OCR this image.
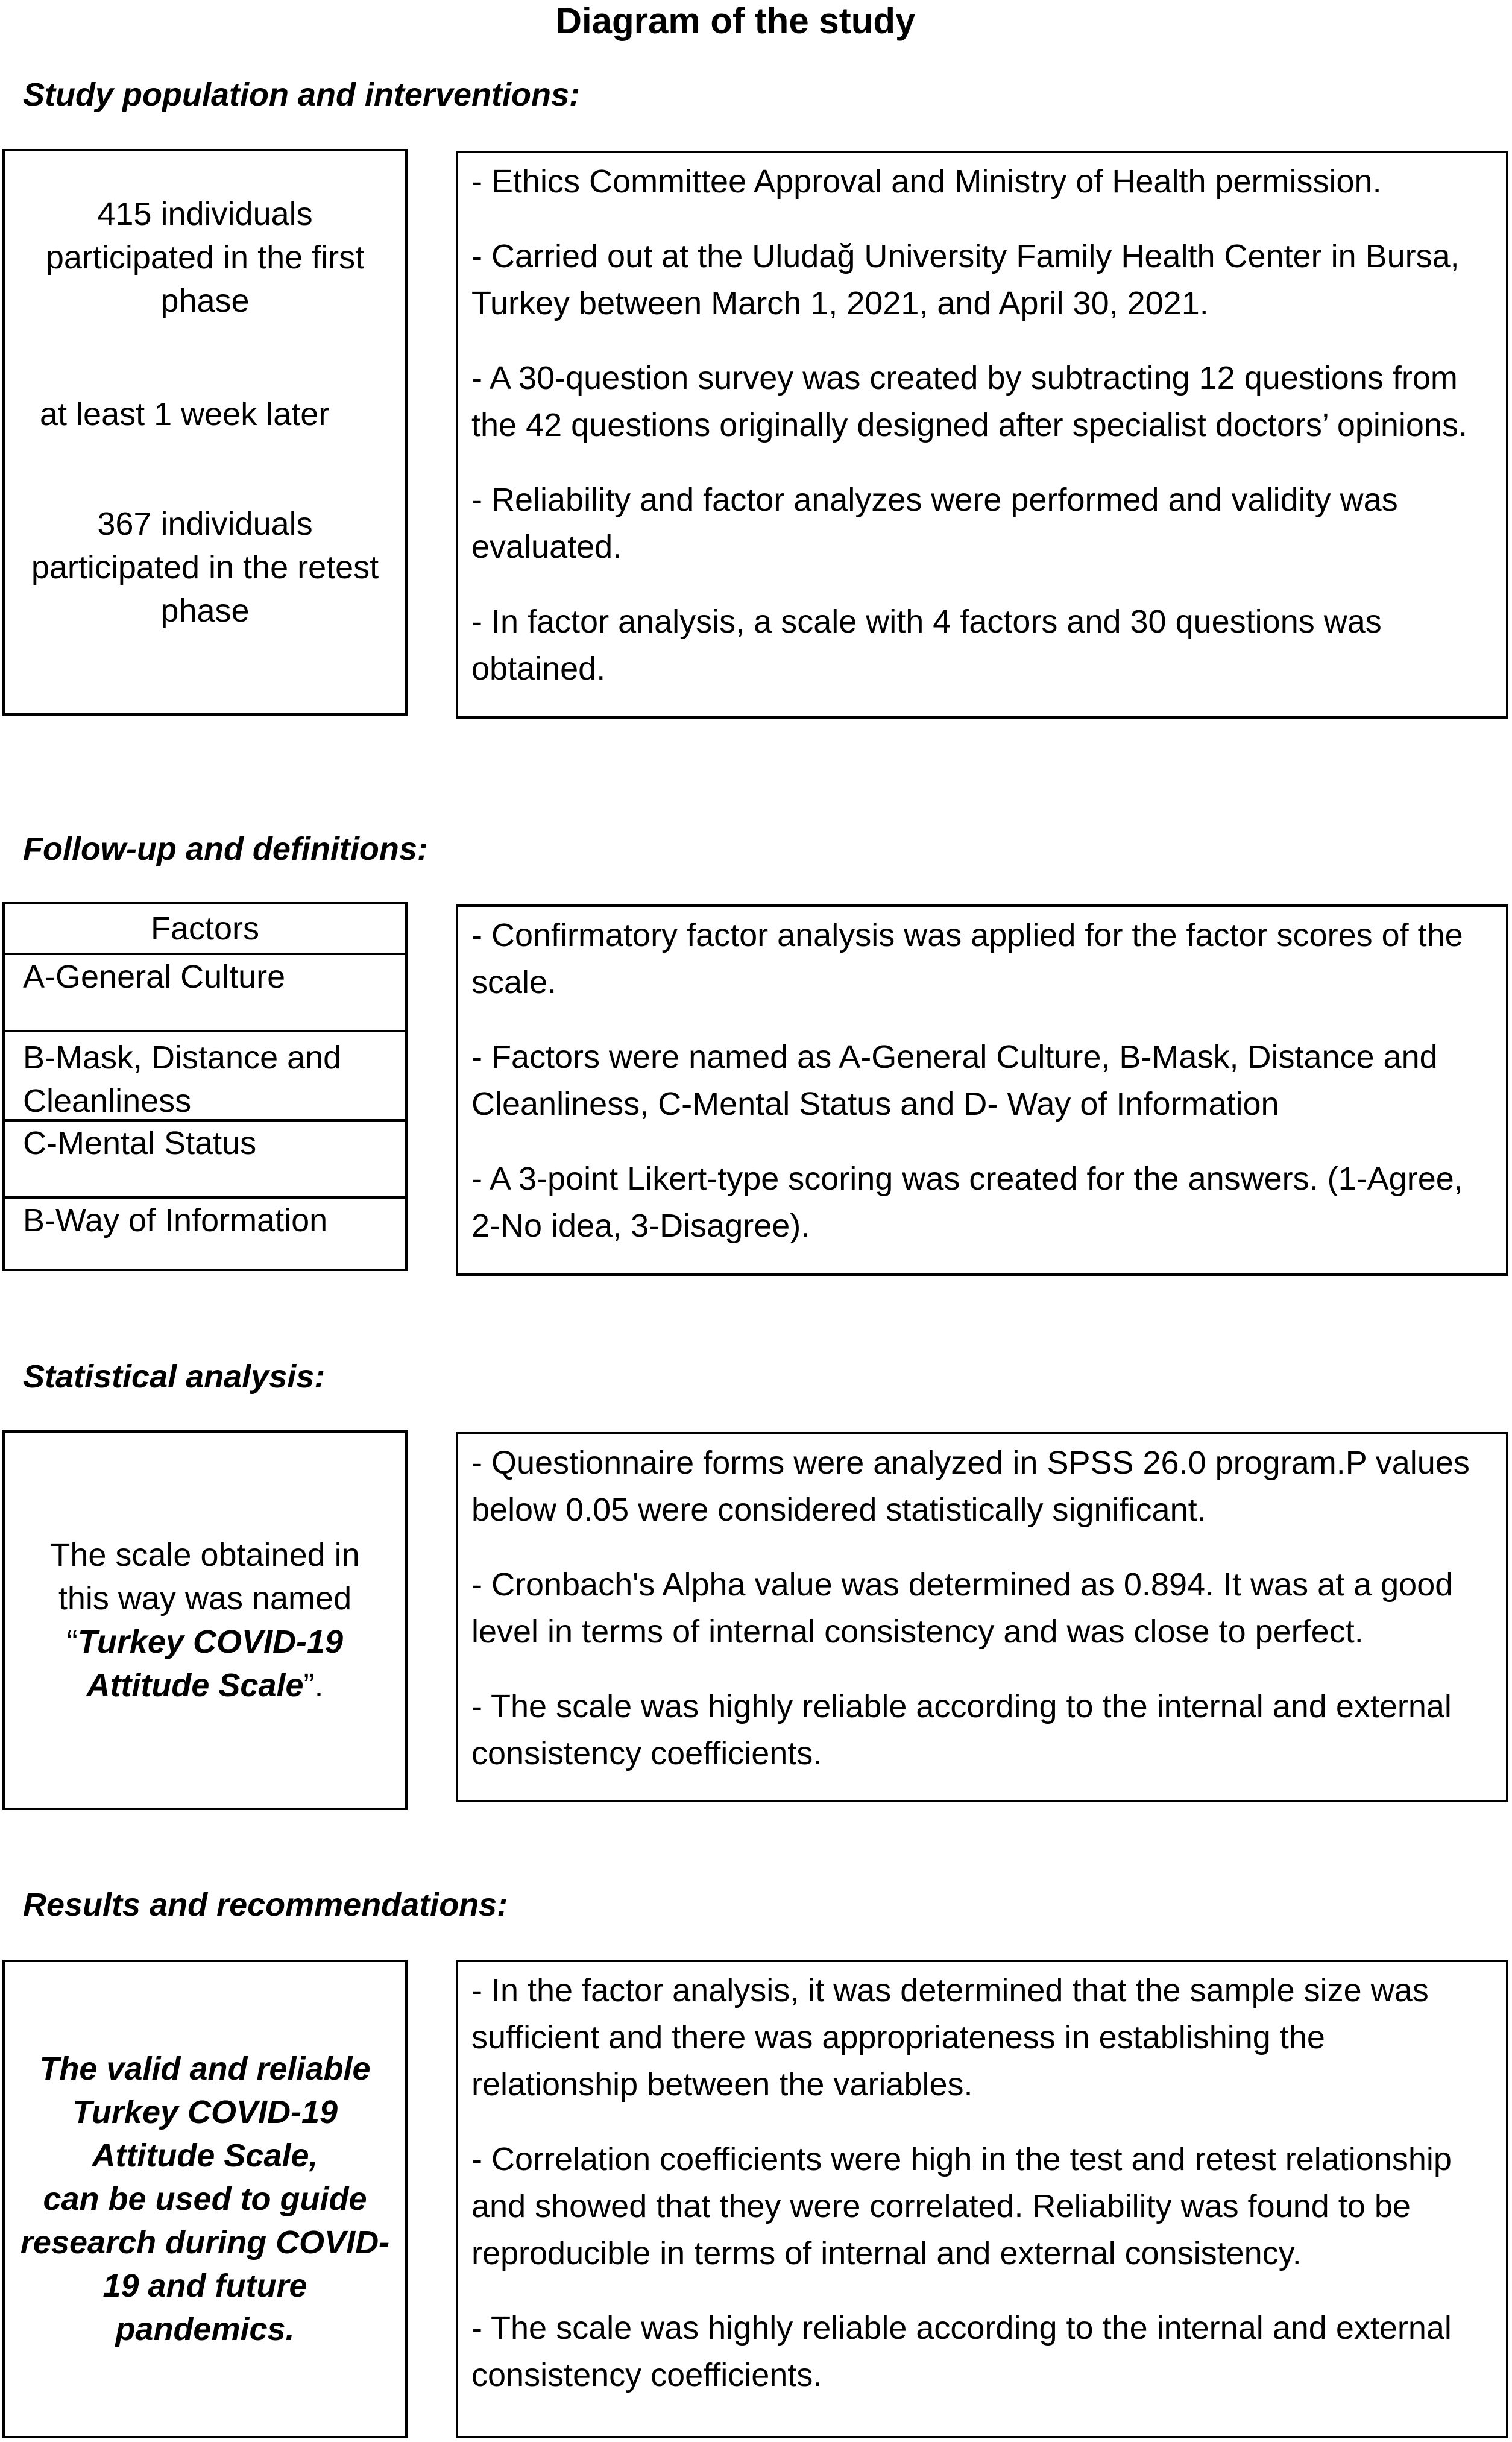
Diagram of the study
Study population and interventions:
415 individuals
participated in the first
phase
at least 1 week later
367 individuals
participated in the retest
phase
- Ethics Committee Approval and Ministry of Health permission.
- Carried out at the Uludağ University Family Health Center in Bursa,
Turkey between March 1, 2021, and April 30, 2021.
- A 30-question survey was created by subtracting 12 questions from
the 42 questions originally designed after specialist doctors’ opinions.
- Reliability and factor analyzes were performed and validity was
evaluated.
- In factor analysis, a scale with 4 factors and 30 questions was
obtained.
Follow-up and definitions:
Factors
A-General Culture
B-Mask, Distance and
Cleanliness
C-Mental Status
B-Way of Information
- Confirmatory factor analysis was applied for the factor scores of the
scale.
- Factors were named as A-General Culture, B-Mask, Distance and
Cleanliness, C-Mental Status and D- Way of Information
- A 3-point Likert-type scoring was created for the answers. (1-Agree,
2-No idea, 3-Disagree).
Statistical analysis:
The scale obtained in
this way was named
“Turkey COVID-19
Attitude Scale”.
- Questionnaire forms were analyzed in SPSS 26.0 program.P values
below 0.05 were considered statistically significant.
- Cronbach's Alpha value was determined as 0.894. It was at a good
level in terms of internal consistency and was close to perfect.
- The scale was highly reliable according to the internal and external
consistency coefficients.
Results and recommendations:
The valid and reliable
Turkey COVID-19
Attitude Scale,
can be used to guide
research during COVID-
19 and future
pandemics.
- In the factor analysis, it was determined that the sample size was
sufficient and there was appropriateness in establishing the
relationship between the variables.
- Correlation coefficients were high in the test and retest relationship
and showed that they were correlated. Reliability was found to be
reproducible in terms of internal and external consistency.
- The scale was highly reliable according to the internal and external
consistency coefficients.
